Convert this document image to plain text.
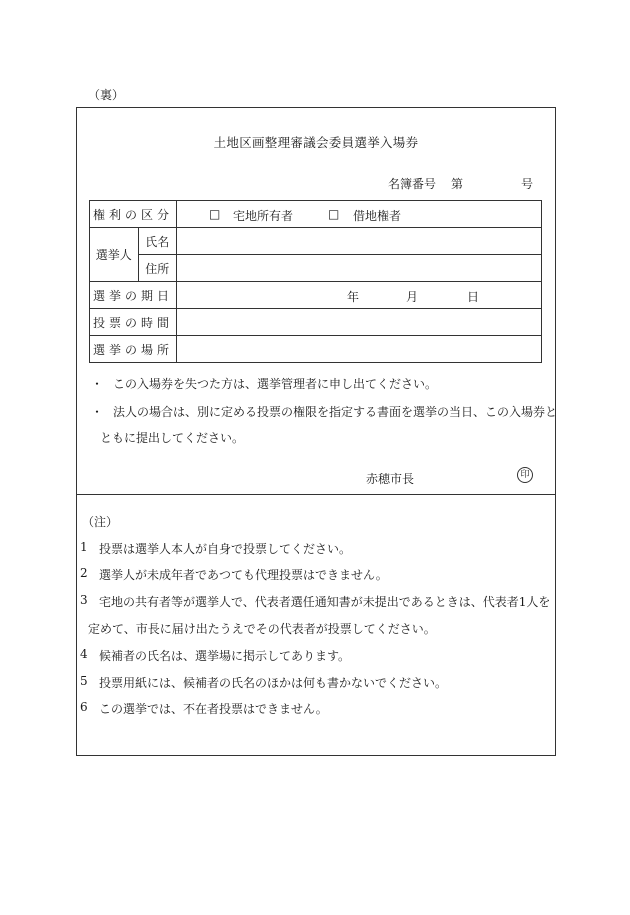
（裏）
土地区画整理審議会委員選挙入場券
名簿番号 第	号
権利の区分		□ 宅地所有者 □ 借地権者

選挙人	氏名	
	住所	
選挙の期日		年 月 日

投票の時間		
選挙の場所		
・ この入場券を失つた方は、選挙管理者に申し出てください。
・ 法人の場合は、別に定める投票の権限を指定する書面を選挙の当日、この入場券と
ともに提出してください。
赤穂市長	印
（注）
1 投票は選挙人本人が自身で投票してください。
2 選挙人が未成年者であつても代理投票はできません。
3 宅地の共有者等が選挙人で、代表者選任通知書が未提出であるときは、代表者1人を
定めて、市長に届け出たうえでその代表者が投票してください。
4 候補者の氏名は、選挙場に掲示してあります。
5 投票用紙には、候補者の氏名のほかは何も書かないでください。
6 この選挙では、不在者投票はできません。
